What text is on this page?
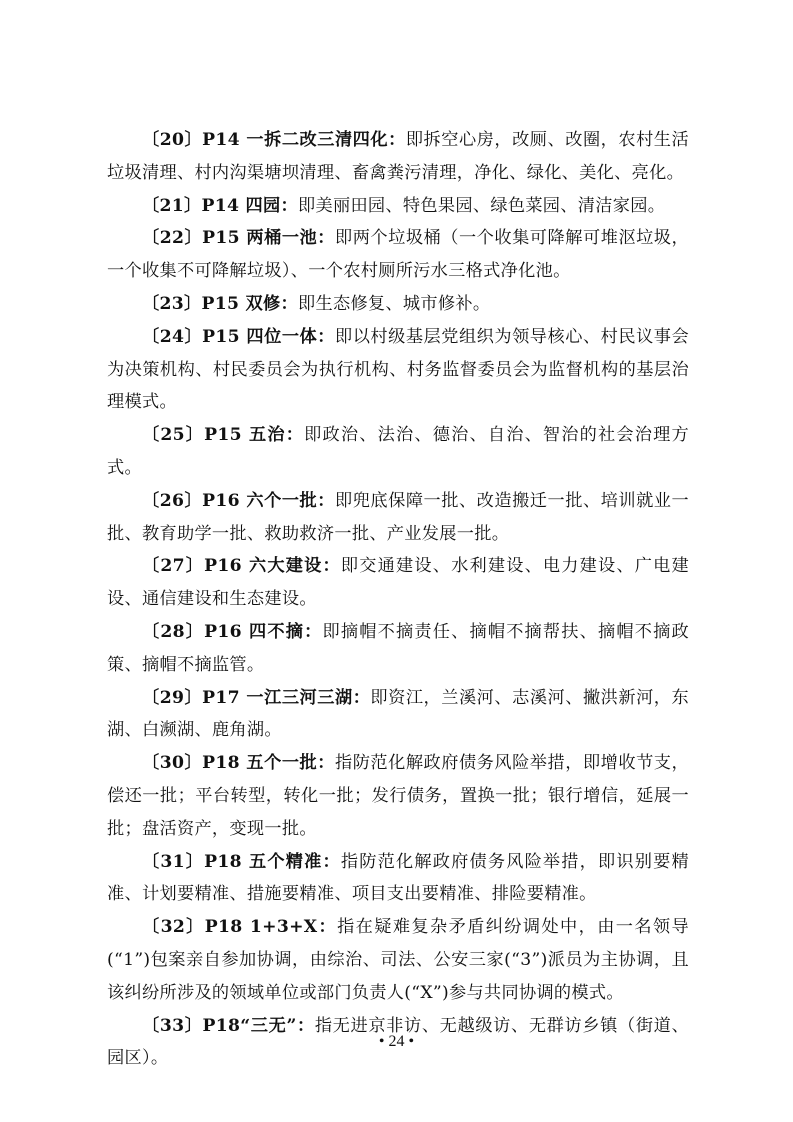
〔20〕P14 一拆二改三清四化：即拆空心房，改厕、改圈，农村生活垃圾清理、村内沟渠塘坝清理、畜禽粪污清理，净化、绿化、美化、亮化。

〔21〕P14 四园：即美丽田园、特色果园、绿色菜园、清洁家园。

〔22〕P15 两桶一池：即两个垃圾桶（一个收集可降解可堆沤垃圾，一个收集不可降解垃圾）、一个农村厕所污水三格式净化池。

〔23〕P15 双修：即生态修复、城市修补。

〔24〕P15 四位一体：即以村级基层党组织为领导核心、村民议事会为决策机构、村民委员会为执行机构、村务监督委员会为监督机构的基层治理模式。

〔25〕P15 五治：即政治、法治、德治、自治、智治的社会治理方式。

〔26〕P16 六个一批：即兜底保障一批、改造搬迁一批、培训就业一批、教育助学一批、救助救济一批、产业发展一批。

〔27〕P16 六大建设：即交通建设、水利建设、电力建设、广电建设、通信建设和生态建设。

〔28〕P16 四不摘：即摘帽不摘责任、摘帽不摘帮扶、摘帽不摘政策、摘帽不摘监管。

〔29〕P17 一江三河三湖：即资江，兰溪河、志溪河、撇洪新河，东湖、白濒湖、鹿角湖。

〔30〕P18 五个一批：指防范化解政府债务风险举措，即增收节支，偿还一批；平台转型，转化一批；发行债务，置换一批；银行增信，延展一批；盘活资产，变现一批。

〔31〕P18 五个精准：指防范化解政府债务风险举措，即识别要精准、计划要精准、措施要精准、项目支出要精准、排险要精准。

〔32〕P18 1+3+X：指在疑难复杂矛盾纠纷调处中，由一名领导(“1”)包案亲自参加协调，由综治、司法、公安三家(“3”)派员为主协调，且该纠纷所涉及的领域单位或部门负责人(“X”)参与共同协调的模式。

〔33〕P18“三无”：指无进京非访、无越级访、无群访乡镇（街道、园区）。

• 24 •
